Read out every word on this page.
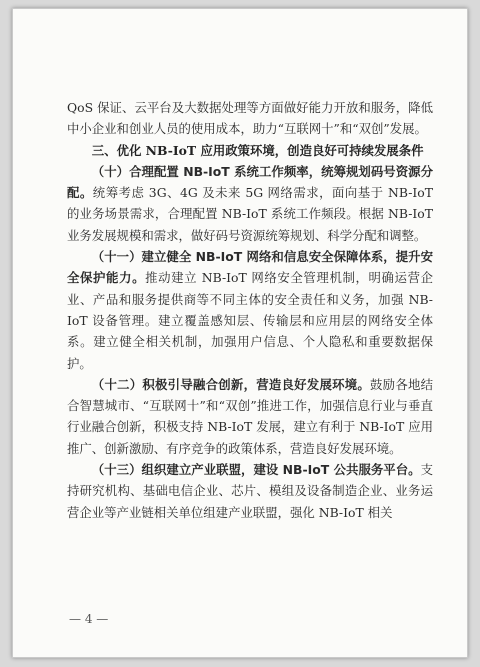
QoS 保证、云平台及大数据处理等方面做好能力开放和服务，降低中小企业和创业人员的使用成本，助力“互联网十”和“双创”发展。

三、优化 NB-IoT 应用政策环境，创造良好可持续发展条件

（十）合理配置 NB-IoT 系统工作频率，统筹规划码号资源分配。统筹考虑 3G、4G 及未来 5G 网络需求，面向基于 NB-IoT 的业务场景需求，合理配置 NB-IoT 系统工作频段。根据 NB-IoT 业务发展规模和需求，做好码号资源统筹规划、科学分配和调整。

（十一）建立健全 NB-IoT 网络和信息安全保障体系，提升安全保护能力。推动建立 NB-IoT 网络安全管理机制，明确运营企业、产品和服务提供商等不同主体的安全责任和义务，加强 NB-IoT 设备管理。建立覆盖感知层、传输层和应用层的网络安全体系。建立健全相关机制，加强用户信息、个人隐私和重要数据保护。

（十二）积极引导融合创新，营造良好发展环境。鼓励各地结合智慧城市、“互联网十”和“双创”推进工作，加强信息行业与垂直行业融合创新，积极支持 NB-IoT 发展，建立有利于 NB-IoT 应用推广、创新激励、有序竞争的政策体系，营造良好发展环境。

（十三）组织建立产业联盟，建设 NB-IoT 公共服务平台。支持研究机构、基础电信企业、芯片、模组及设备制造企业、业务运营企业等产业链相关单位组建产业联盟，强化 NB-IoT 相关

— 4 —
